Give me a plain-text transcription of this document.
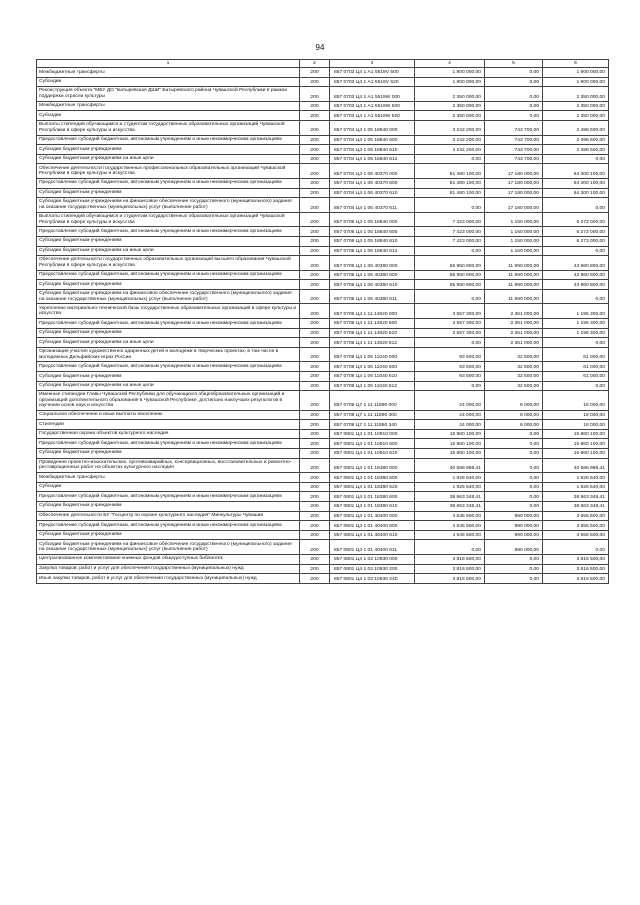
94
1	2	3	4	5	6
Межбюджетные трансферты	200	857 0703 Ц4 1 А1 5519V 500	1 900 000,00	0,00	1 900 000,00
Субсидии	200	857 0703 Ц4 1 А1 5519V 520	1 900 000,00	0,00	1 900 000,00
Реконструкция объекта "МБУ ДО "Батыревская ДШИ" Батыревского района Чувашской Республики в рамках поддержки отрасли культуры	200	857 0703 Ц4 1 А1 5519W 000	2 350 000,00	0,00	2 350 000,00
Межбюджетные трансферты	200	857 0703 Ц4 1 А1 5519W 500	2 350 000,00	0,00	2 350 000,00
Субсидии	200	857 0703 Ц4 1 А1 5519W 520	2 350 000,00	0,00	2 350 000,00
Выплаты стипендий обучающимся и студентам государственных образовательных организаций Чувашской Республики в сфере культуры и искусства	200	857 0704 Ц4 1 05 18840 000	3 242 200,00	743 700,00	2 498 500,00
Предоставление субсидий бюджетным, автономным учреждениям и иным некоммерческим организациям	200	857 0704 Ц4 1 05 18840 600	3 242 200,00	743 700,00	2 498 500,00
Субсидии бюджетным учреждениям	200	857 0704 Ц4 1 05 18840 610	3 242 200,00	743 700,00	2 498 500,00
Субсидии бюджетным учреждениям на иные цели	200	857 0704 Ц4 1 05 18840 612	0,00	743 700,00	0,00
Обеспечение деятельности государственных профессиональных образовательных организаций Чувашской Республики в сфере культуры и искусства	200	857 0704 Ц4 1 06 40370 000	81 480 100,00	17 180 000,00	64 300 100,00
Предоставление субсидий бюджетным, автономным учреждениям и иным некоммерческим организациям	200	857 0704 Ц4 1 06 40370 600	81 480 100,00	17 180 000,00	64 300 100,00
Субсидии бюджетным учреждениям	200	857 0704 Ц4 1 06 40370 610	81 480 100,00	17 180 000,00	64 300 100,00
Субсидии бюджетным учреждениям на финансовое обеспечение государственного (муниципального) задания на оказание государственных (муниципальных) услуг (выполнение работ)	200	857 0704 Ц4 1 06 40370 611	0,00	17 180 000,00	0,00
Выплаты стипендий обучающимся и студентам государственных образовательных организаций Чувашской Республики в сфере культуры и искусства	200	857 0706 Ц4 1 05 18840 000	7 423 000,00	1 150 000,00	6 273 000,00
Предоставление субсидий бюджетным, автономным учреждениям и иным некоммерческим организациям	200	857 0706 Ц4 1 05 18840 600	7 423 000,00	1 150 000,00	6 273 000,00
Субсидии бюджетным учреждениям	200	857 0706 Ц4 1 05 18840 610	7 423 000,00	1 150 000,00	6 273 000,00
Субсидии бюджетным учреждениям на иные цели	200	857 0706 Ц4 1 05 18840 612	0,00	1 150 000,00	0,00
Обеспечение деятельности государственных образовательных организаций высшего образования Чувашской Республики в сфере культуры и искусства	200	857 0706 Ц4 1 06 40380 000	55 950 800,00	11 990 000,00	43 960 800,00
Предоставление субсидий бюджетным, автономным учреждениям и иным некоммерческим организациям	200	857 0706 Ц4 1 06 40380 600	55 950 800,00	11 990 000,00	43 960 800,00
Субсидии бюджетным учреждениям	200	857 0706 Ц4 1 06 40380 610	55 950 800,00	11 990 000,00	43 960 800,00
Субсидии бюджетным учреждениям на финансовое обеспечение государственного (муниципального) задания на оказание государственных (муниципальных) услуг (выполнение работ)	200	857 0706 Ц4 1 06 40380 611	0,00	11 990 000,00	0,00
Укрепление материально-технической базы государственных образовательных организаций в сфере культуры и искусства	200	857 0706 Ц4 1 11 14820 000	3 557 300,00	2 361 000,00	1 196 300,00
Предоставление субсидий бюджетным, автономным учреждениям и иным некоммерческим организациям	200	857 0706 Ц4 1 11 14820 600	3 557 300,00	2 361 000,00	1 196 300,00
Субсидии бюджетным учреждениям	200	857 0706 Ц4 1 11 14820 610	3 557 300,00	2 361 000,00	1 196 300,00
Субсидии бюджетным учреждениям на иные цели	200	857 0706 Ц4 1 11 14820 612	0,00	2 361 000,00	0,00
Организация участия художественно одаренных детей и молодежи в творческих проектах, в том числе в молодежных Дельфийских играх России	200	857 0709 Ц4 1 06 11040 000	93 500,00	32 500,00	61 000,00
Предоставление субсидий бюджетным, автономным учреждениям и иным некоммерческим организациям	200	857 0709 Ц4 1 06 11040 600	93 500,00	32 500,00	61 000,00
Субсидии бюджетным учреждениям	200	857 0709 Ц4 1 06 11040 610	93 500,00	32 500,00	61 000,00
Субсидии бюджетным учреждениям на иные цели	200	857 0709 Ц4 1 06 11040 612	0,00	32 500,00	0,00
Именные стипендии Главы Чувашской Республики для обучающихся общеобразовательных организаций и организаций дополнительного образования в Чувашской Республике, достигших наилучших результатов в изучении основ наук и искусства	200	857 0709 Ц7 1 11 11890 000	24 000,00	6 000,00	18 000,00
Социальное обеспечение и иные выплаты населению	200	857 0709 Ц7 1 11 11890 300	24 000,00	6 000,00	18 000,00
Стипендии	200	857 0709 Ц7 1 11 11890 340	24 000,00	6 000,00	18 000,00
Государственная охрана объектов культурного наследия	200	857 0801 Ц4 1 01 10910 000	15 860 100,00	0,00	15 860 100,00
Предоставление субсидий бюджетным, автономным учреждениям и иным некоммерческим организациям	200	857 0801 Ц4 1 01 10910 600	15 860 100,00	0,00	15 860 100,00
Субсидии бюджетным учреждениям	200	857 0801 Ц4 1 01 10910 610	15 860 100,00	0,00	15 860 100,00
Проведение проектно-изыскательских, противоаварийных, консервационных, восстановительных и ремонтно-реставрационных работ на объектах культурного наследия	200	857 0801 Ц4 1 01 18380 000	40 588 988,41	0,00	40 588 988,41
Межбюджетные трансферты	200	857 0801 Ц4 1 01 18380 500	1 925 640,00	0,00	1 925 640,00
Субсидии	200	857 0801 Ц4 1 01 18380 520	1 925 640,00	0,00	1 925 640,00
Предоставление субсидий бюджетным, автономным учреждениям и иным некоммерческим организациям	200	857 0801 Ц4 1 01 18380 600	38 663 348,41	0,00	38 663 348,41
Субсидии бюджетным учреждениям	200	857 0801 Ц4 1 01 18380 610	38 663 348,41	0,00	38 663 348,41
Обеспечение деятельности БУ "Госцентр по охране культурного наследия" Минкультуры Чувашии	200	857 0801 Ц4 1 01 40400 000	4 545 500,00	890 000,00	3 655 500,00
Предоставление субсидий бюджетным, автономным учреждениям и иным некоммерческим организациям	200	857 0801 Ц4 1 01 40400 600	4 545 500,00	890 000,00	3 655 500,00
Субсидии бюджетным учреждениям	200	857 0801 Ц4 1 01 40400 610	4 545 500,00	890 000,00	3 655 500,00
Субсидии бюджетным учреждениям на финансовое обеспечение государственного (муниципального) задания на оказание государственных (муниципальных) услуг (выполнение работ)	200	857 0801 Ц4 1 01 40400 611	0,00	890 000,00	0,00
Централизованное комплектование книжных фондов общедоступных библиотек	200	857 0801 Ц4 1 02 10930 000	3 816 500,00	0,00	3 816 500,00
Закупка товаров, работ и услуг для обеспечения государственных (муниципальных) нужд	200	857 0801 Ц4 1 02 10930 200	3 816 500,00	0,00	3 816 500,00
Иные закупки товаров, работ и услуг для обеспечения государственных (муниципальных) нужд	200	857 0801 Ц4 1 02 10930 240	3 816 500,00	0,00	3 816 500,00
